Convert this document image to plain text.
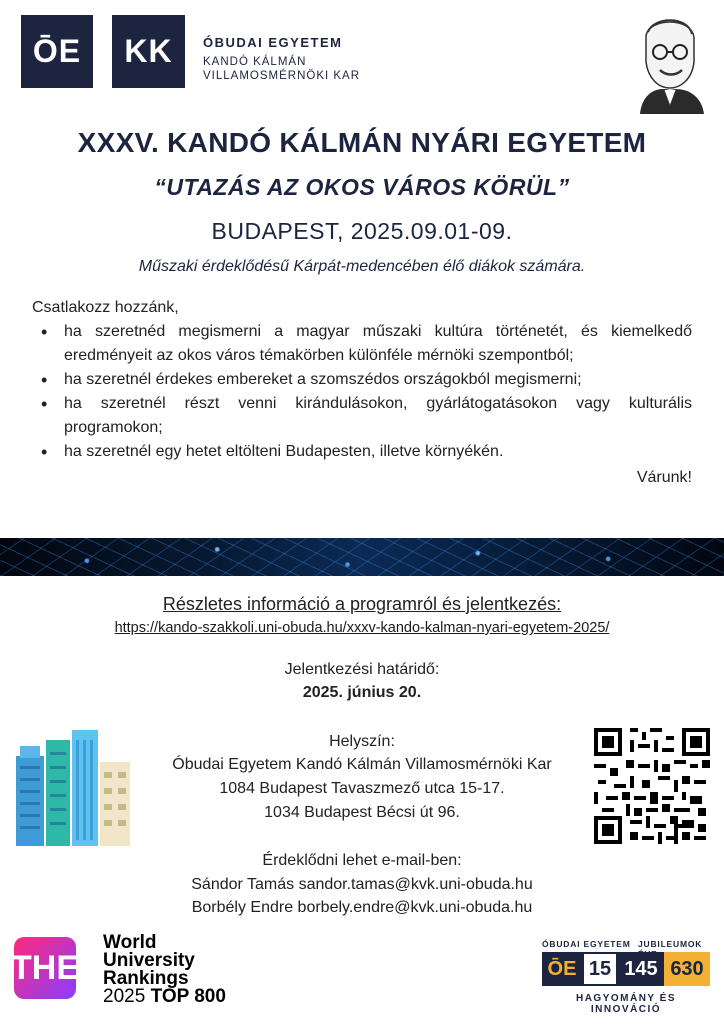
ŌE	KK	ÓBUDAI EGYETEM
KANDÓ KÁLMÁN
VILLAMOSMÉRNÖKI KAR
XXXV. KANDÓ KÁLMÁN NYÁRI EGYETEM
“UTAZÁS AZ OKOS VÁROS KÖRÜL”
BUDAPEST, 2025.09.01-09.
Műszaki érdeklődésű Kárpát-medencében élő diákok számára.
Csatlakozz hozzánk,
• ha szeretnéd megismerni a magyar műszaki kultúra történetét, és kiemelkedő eredményeit az okos város témakörben különféle mérnöki szempontból;
• ha szeretnél érdekes embereket a szomszédos országokból megismerni;
• ha szeretnél részt venni kirándulásokon, gyárlátogatásokon vagy kulturális programokon;
• ha szeretnél egy hetet eltölteni Budapesten, illetve környékén.
Várunk!
Részletes információ a programról és jelentkezés:
https://kando-szakkoli.uni-obuda.hu/xxxv-kando-kalman-nyari-egyetem-2025/
Jelentkezési határidő:
2025. június 20.
Helyszín:
Óbudai Egyetem Kandó Kálmán Villamosmérnöki Kar
1084 Budapest Tavaszmező utca 15-17.
1034 Budapest Bécsi út 96.
Érdeklődni lehet e-mail-ben:
Sándor Tamás sandor.tamas@kvk.uni-obuda.hu
Borbély Endre borbely.endre@kvk.uni-obuda.hu
THE
World
University
Rankings
2025 TOP 800
ÓBUDAI EGYETEM JUBILEUMOK
ŌE 15 145 630
HAGYOMÁNY ÉS INNOVÁCIÓ
